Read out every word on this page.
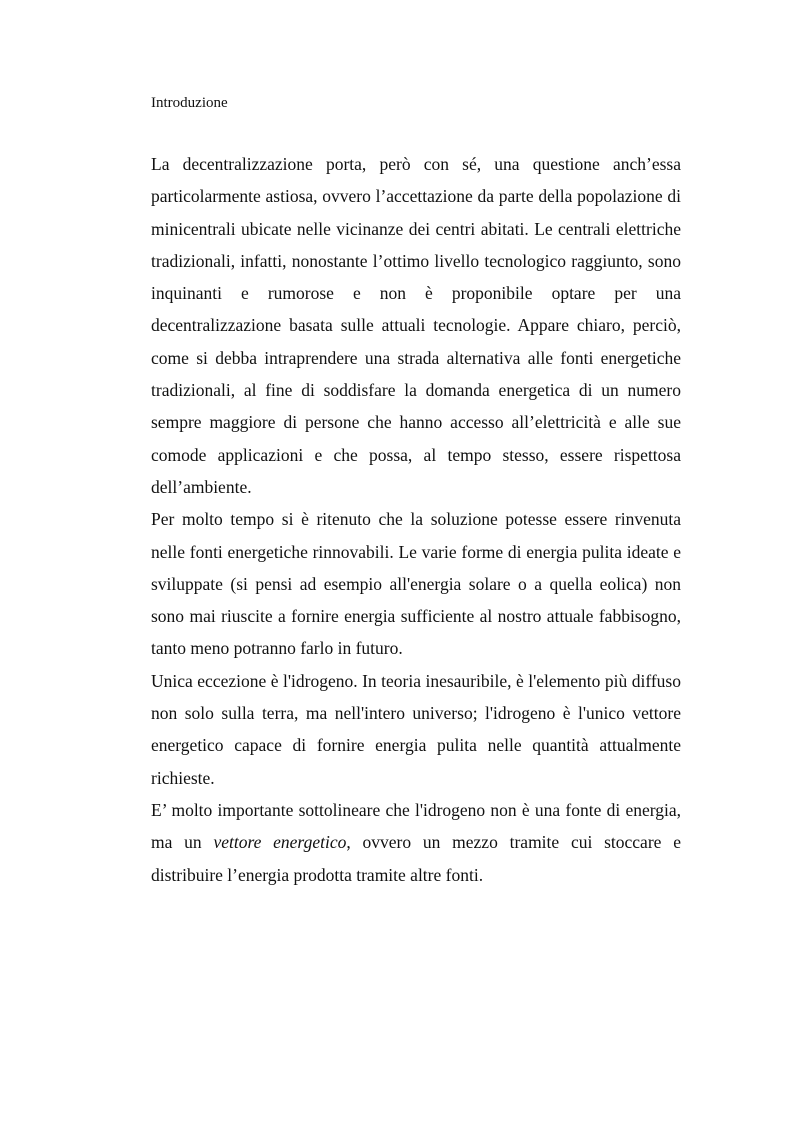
Introduzione

La decentralizzazione porta, però con sé, una questione anch’essa particolarmente astiosa, ovvero l’accettazione da parte della popolazione di minicentrali ubicate nelle vicinanze dei centri abitati. Le centrali elettriche tradizionali, infatti, nonostante l’ottimo livello tecnologico raggiunto, sono inquinanti e rumorose e non è proponibile optare per una decentralizzazione basata sulle attuali tecnologie. Appare chiaro, perciò, come si debba intraprendere una strada alternativa alle fonti energetiche tradizionali, al fine di soddisfare la domanda energetica di un numero sempre maggiore di persone che hanno accesso all’elettricità e alle sue comode applicazioni e che possa, al tempo stesso, essere rispettosa dell’ambiente.

Per molto tempo si è ritenuto che la soluzione potesse essere rinvenuta nelle fonti energetiche rinnovabili. Le varie forme di energia pulita ideate e sviluppate (si pensi ad esempio all'energia solare o a quella eolica) non sono mai riuscite a fornire energia sufficiente al nostro attuale fabbisogno, tanto meno potranno farlo in futuro.

Unica eccezione è l'idrogeno. In teoria inesauribile, è l'elemento più diffuso non solo sulla terra, ma nell'intero universo; l'idrogeno è l'unico vettore energetico capace di fornire energia pulita nelle quantità attualmente richieste.

E’ molto importante sottolineare che l'idrogeno non è una fonte di energia, ma un vettore energetico, ovvero un mezzo tramite cui stoccare e distribuire l’energia prodotta tramite altre fonti.
